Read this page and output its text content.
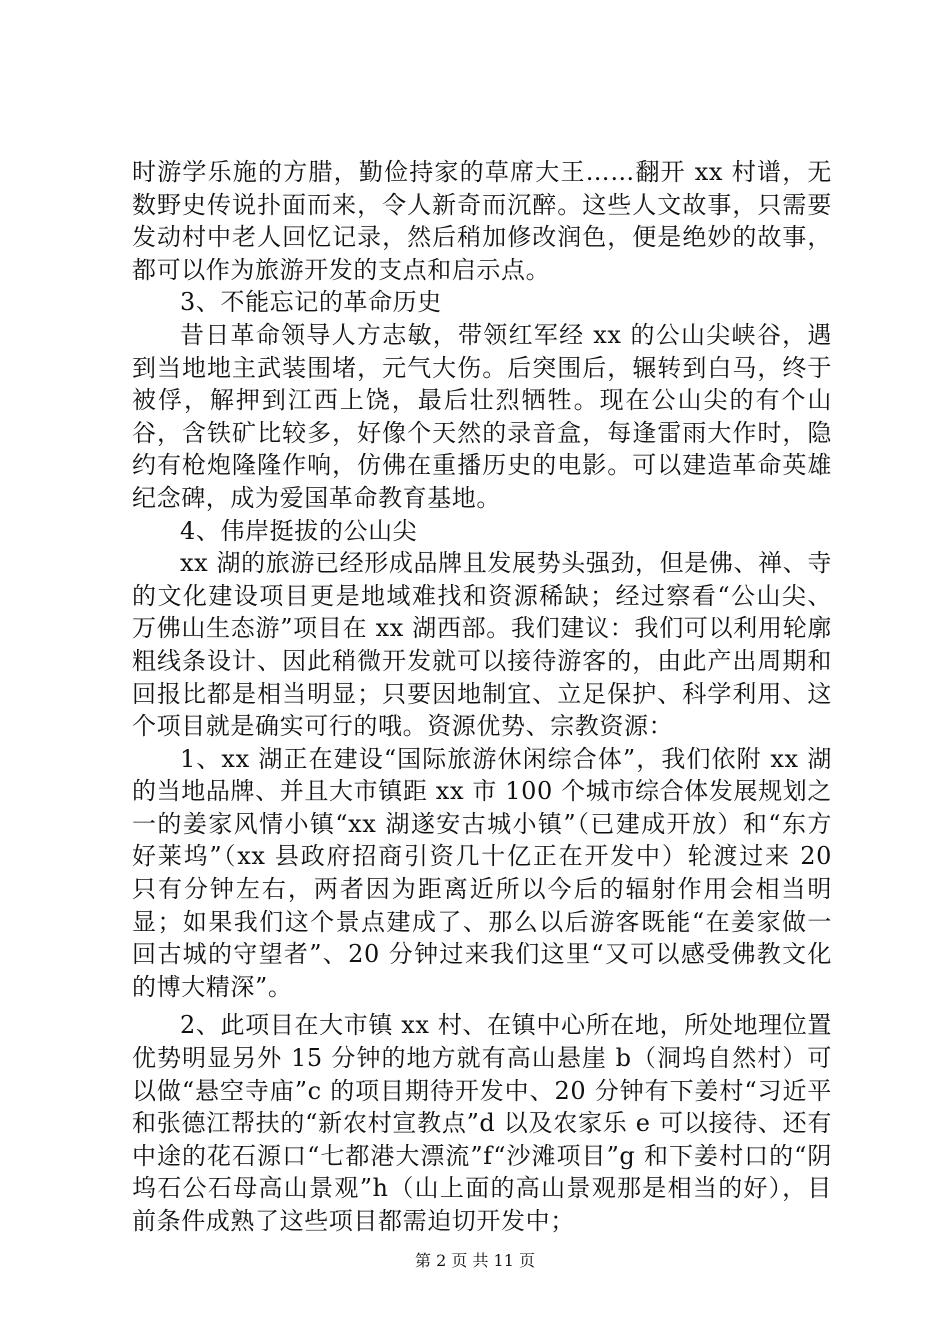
时游学乐施的方腊，勤俭持家的草席大王……翻开 xx 村谱，无数野史传说扑面而来，令人新奇而沉醉。这些人文故事，只需要发动村中老人回忆记录，然后稍加修改润色，便是绝妙的故事，都可以作为旅游开发的支点和启示点。

3、不能忘记的革命历史

昔日革命领导人方志敏，带领红军经 xx 的公山尖峡谷，遇到当地地主武装围堵，元气大伤。后突围后，辗转到白马，终于被俘，解押到江西上饶，最后壮烈牺牲。现在公山尖的有个山谷，含铁矿比较多，好像个天然的录音盒，每逢雷雨大作时，隐约有枪炮隆隆作响，仿佛在重播历史的电影。可以建造革命英雄纪念碑，成为爱国革命教育基地。

4、伟岸挺拔的公山尖

xx 湖的旅游已经形成品牌且发展势头强劲，但是佛、禅、寺的文化建设项目更是地域难找和资源稀缺；经过察看“公山尖、万佛山生态游”项目在 xx 湖西部。我们建议：我们可以利用轮廓粗线条设计、因此稍微开发就可以接待游客的，由此产出周期和回报比都是相当明显；只要因地制宜、立足保护、科学利用、这个项目就是确实可行的哦。资源优势、宗教资源：

1、xx 湖正在建设“国际旅游休闲综合体”，我们依附 xx 湖的当地品牌、并且大市镇距 xx 市 100 个城市综合体发展规划之一的姜家风情小镇“xx 湖遂安古城小镇”（已建成开放）和“东方好莱坞”（xx 县政府招商引资几十亿正在开发中）轮渡过来 20 只有分钟左右，两者因为距离近所以今后的辐射作用会相当明显；如果我们这个景点建成了、那么以后游客既能“在姜家做一回古城的守望者”、20 分钟过来我们这里“又可以感受佛教文化的博大精深”。

2、此项目在大市镇 xx 村、在镇中心所在地，所处地理位置优势明显另外 15 分钟的地方就有高山悬崖 b（洞坞自然村）可以做“悬空寺庙”c 的项目期待开发中、20 分钟有下姜村“习近平和张德江帮扶的“新农村宣教点”d 以及农家乐 e 可以接待、还有中途的花石源口“七都港大漂流”f“沙滩项目”g 和下姜村口的“阴坞石公石母高山景观”h（山上面的高山景观那是相当的好），目前条件成熟了这些项目都需迫切开发中；

第 2 页 共 11 页
